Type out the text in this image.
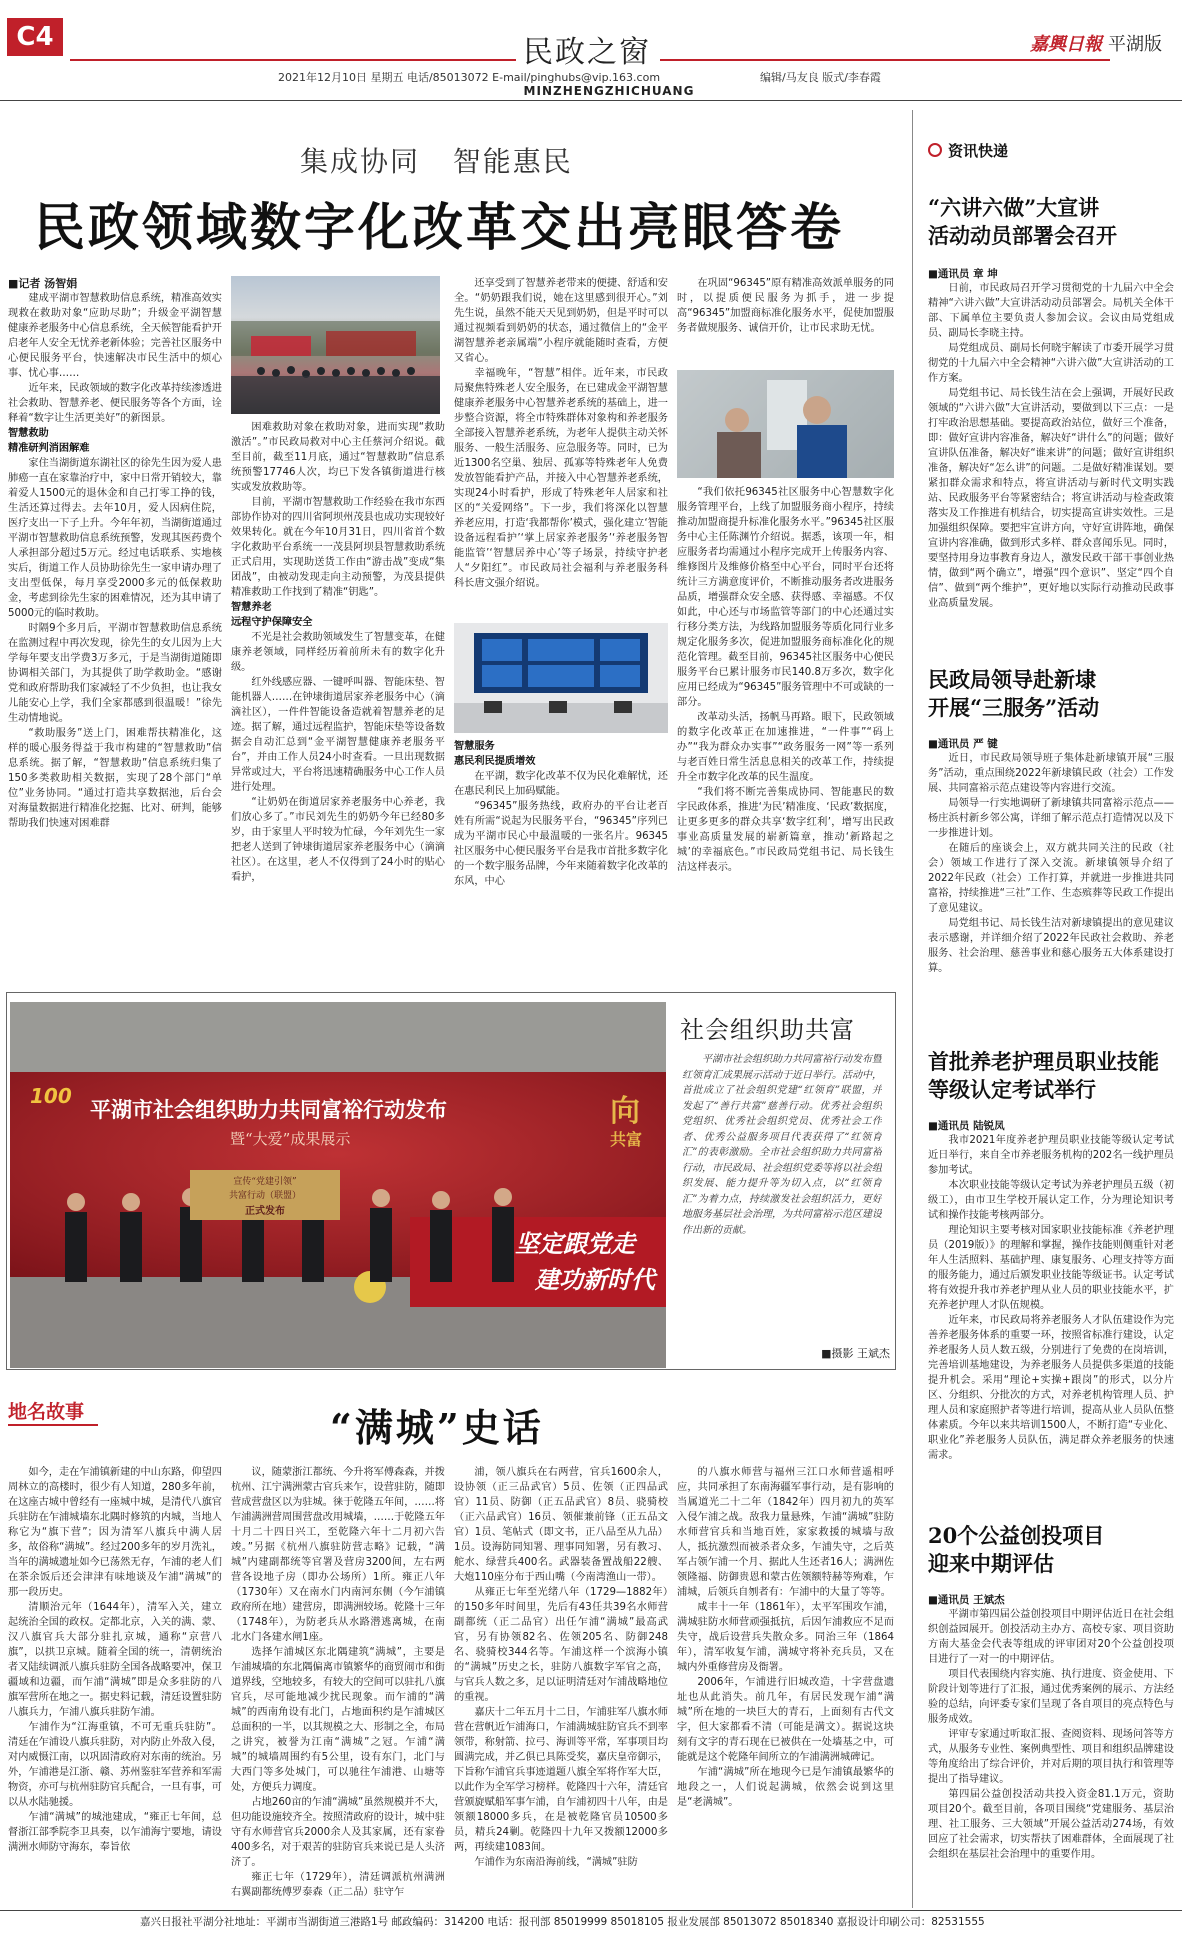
C4	民政之窗
2021年12月10日 星期五 电话/85013072 E-mail/pinghubs@vip.163.com	编辑/马友良 版式/李春霞
MINZHENGZHICHUANG
嘉興日報 平湖版
集成协同   智能惠民
民政领域数字化改革交出亮眼答卷
■记者 汤智娟

建成平湖市智慧救助信息系统，精准高效实现救在救助对象“应助尽助”；升级金平湖智慧健康养老服务中心信息系统，全天候智能看护开启老年人安全无忧养老新体验；完善社区服务中心便民服务平台，快速解决市民生活中的烦心事、忧心事……

近年来，民政领域的数字化改革持续渗透进社会救助、智慧养老、便民服务等各个方面，诠释着“数字让生活更美好”的新图景。

智慧救助

精准研判消困解难

家住当湖街道东湖社区的徐先生因为爱人患肺癌一直在家靠治疗中，家中日常开销较大，靠着爱人1500元的退休金和自己打零工挣的钱，生活还算过得去。去年10月，爱人因病住院，医疗支出一下子上升。今年年初，当湖街道通过平湖市智慧救助信息系统预警，发现其医药费个人承担部分超过5万元。经过电话联系、实地核实后，街道工作人员协助徐先生一家申请办理了支出型低保，每月享受2000多元的低保救助金，考虑到徐先生家的困难情况，还为其申请了5000元的临时救助。

时隔9个多月后，平湖市智慧救助信息系统在监测过程中再次发现，徐先生的女儿因为上大学每年要支出学费3万多元，于是当湖街道随即协调相关部门，为其提供了助学救助金。“感谢党和政府帮助我们家减轻了不少负担，也让我女儿能安心上学，我们全家都感到很温暖！”徐先生动情地说。

“救助服务”送上门，困难帮扶精准化，这样的暖心服务得益于我市构建的“智慧救助”信息系统。据了解，“智慧救助”信息系统归集了150多类救助相关数据，实现了28个部门“单位”业务协同。“通过打造共享数据池，后台会对海量数据进行精准化挖掘、比对、研判，能够帮助我们快速对困难群

困难救助对象在救助对象，进而实现“救助激活”。”市民政局救对中心主任蔡河介绍说。截至目前，截至11月底，通过“智慧救助”信息系统预警17746人次，均已下发各镇街道进行核实或发放救助等。

目前，平湖市智慧救助工作经验在我市东西部协作协对的四川省阿坝州茂县也成功实现较好效果转化。就在今年10月31日，四川省首个数字化救助平台系统一一茂县阿坝县智慧救助系统正式启用，实现助送货工作由“游击战”变成“集团战”，由被动发现走向主动预警，为茂县提供精准救助工作找到了精准“钥匙”。

智慧养老

远程守护保障安全

不光是社会救助领域发生了智慧变革，在健康养老领域，同样经历着前所未有的数字化升级。

红外线感应器、一键呼叫器、智能床垫、智能机器人……在钟埭街道居家养老服务中心（滴滴社区），一件件智能设备造就着智慧养老的足迹。据了解，通过远程监护，智能床垫等设备数据会自动汇总到“金平湖智慧健康养老服务平台”，并由工作人员24小时查看。一旦出现数据异常或过大，平台将迅速精确服务中心工作人员进行处理。

“让奶奶在街道居家养老服务中心养老，我们放心多了。”市民刘先生的奶奶今年已经80多岁，由于家里人平时较为忙碌，今年刘先生一家把老人送到了钟埭街道居家养老服务中心（滴滴社区）。在这里，老人不仅得到了24小时的贴心看护，

还享受到了智慧养老带来的便捷、舒适和安全。“奶奶跟我们说，她在这里感到很开心。”刘先生说，虽然不能天天见到奶奶，但是平时可以通过视频看到奶奶的状态，通过微信上的“金平湖智慧养老亲属端”小程序就能随时查看，方便又省心。

幸福晚年，“智慧”相伴。近年来，市民政局聚焦特殊老人安全服务，在已建成金平湖智慧健康养老服务中心智慧养老系统的基础上，进一步整合资源，将全市特殊群体对象构和养老服务全部接入智慧养老系统，为老年人提供主动关怀服务、一般生活服务、应急服务等。同时，已为近1300名空巢、独居、孤寡等特殊老年人免费发放智能看护产品，并接入中心智慧养老系统，实现24小时看护，形成了特殊老年人居家和社区的“关爱网络”。下一步，我们将深化以智慧养老应用，打造‘我都帮你’模式，强化建立‘智能设备远程看护’‘掌上居家养老服务’‘养老服务智能监管’‘智慧居养中心’等子场景，持续守护老人“夕阳红”。市民政局社会福利与养老服务科科长唐文强介绍说。

智慧服务

惠民利民提质增效

在平湖，数字化改革不仅为民化难解忧，还在惠民利民上加码赋能。

“96345”服务热线，政府办的平台让老百姓有所需“说起为民服务平台，“96345”序列已成为平湖市民心中最温暖的一张名片。96345社区服务中心便民服务平台是我市首批多数字化的一个数字服务品牌，今年来随着数字化改革的东风，中心

在巩固“96345”原有精准高效派单服务的同时，以提质便民服务为抓手，进一步提高“96345”加盟商标准化服务水平，促使加盟服务者做规服务、诚信开价，让市民求助无忧。

“我们依托96345社区服务中心智慧数字化服务管理平台，上线了加盟服务商小程序，持续推动加盟商提升标准化服务水平。”96345社区服务中心主任陈渊竹介绍说。据悉，该项一年，相应服务者均需通过小程序完成开上传服务内容、维修图片及维修价格至中心平台，同时平台还将统计三方满意度评价，不断推动服务者改进服务品质，增强群众安全感、获得感、幸福感。不仅如此，中心还与市场监管等部门的中心还通过实行移分类方法，为线路加盟服务等质化同行业多规定化服务多次，促进加盟服务商标准化化的规范化管理。截至目前，96345社区服务中心便民服务平台已累计服务市民140.8万多次，数字化应用已经成为“96345”服务管理中不可或缺的一部分。

改革动头活，扬帆马再路。眼下，民政领域的数字化改革正在加速推进，“一件事”“码上办”“我为群众办实事”“政务服务一网”等一系列与老百姓日常生活息息相关的改革工作，持续提升全市数字化改革的民生温度。

“我们将不断完善集成协同、智能惠民的数字民政体系，推进‘为民’精准度、‘民政’数据度，让更多更多的群众共享‘数字红利’，增写出民政事业高质量发展的崭新篇章，推动‘新路起之城’的幸福底色。”市民政局党组书记、局长钱生洁这样表示。

100
平湖市社会组织助力共同富裕行动发布
暨“大爱”成果展示
宣传“党建引领”
共富行动（联盟）
正式发布
向
共富
坚定跟党走
建功新时代
社会组织助共富
平湖市社会组织助力共同富裕行动发布暨红领育汇成果展示活动于近日举行。活动中，首批成立了社会组织党建“红领育”联盟，并发起了“善行共富”慈善行动。优秀社会组织党组织、优秀社会组织党员、优秀社会工作者、优秀公益服务项目代表获得了“红领育汇”的表彰激励。全市社会组织助力共同富裕行动，市民政局、社会组织党委等将以社会组织发展、能力提升等为切入点，以“红领育汇”为着力点，持续激发社会组织活力，更好地服务基层社会治理，为共同富裕示范区建设作出新的贡献。
■摄影 王斌杰
地名故事	“满城”史话

如今，走在乍浦镇新建的中山东路，仰望四周林立的高楼时，很少有人知道，280多年前，在这座古城中曾经有一座城中城，是清代八旗官兵驻防在乍浦城墙东北隅时修筑的内城，当地人称它为“旗下营”；因为清军八旗兵中满人居多，故俗称“满城”。经过200多年的岁月洗礼，当年的满城遗址如今已荡然无存，乍浦的老人们在茶余饭后还会津津有味地谈及乍浦“满城”的那一段历史。

清顺治元年（1644年），清军入关，建立起统治全国的政权。定都北京，入关的满、蒙、汉八旗官兵大部分驻扎京城，通称“京营八旗”，以拱卫京城。随着全国的统一，清朝统治者又陆续调派八旗兵驻防全国各战略要冲，保卫疆域和边疆，而乍浦“满城”即是众多驻防的八旗军营所在地之一。据史料记载，清廷设置驻防八旗兵力，乍浦八旗兵驻防乍浦。

乍浦作为“江海重镇，不可无重兵驻防”。清廷在乍浦设八旗兵驻防，对内防止外敌入侵，对内威慑江南，以巩固清政府对东南的统治。另外，乍浦港是江浙、赣、苏州鉴驻军营养和军需物资，亦可与杭州驻防官兵配合，一旦有事，可以从水陆驰援。

乍浦“满城”的城池建成，“雍正七年间，总督浙江部季院李卫具奏，以乍浦海宁要地，请设满洲水师防守海东，奉旨依

议，随蒙浙江都统、今升将军傅森森，并拨杭州、江宁满洲蒙古官兵来乍，设营驻防，随即营成营盘区以为驻城。徕于乾隆五年间，……将乍浦满洲营周围营盘改用城墙，……于乾隆五年十月二十四日兴工，至乾隆六年十二月初六告竣。”另据《杭州八旗驻防营志略》记载，“满城”内建副都统等官署及营房3200间，左右两营各设地子房（即办公场所）1所。雍正八年（1730年）又在南水门内南河东侧（今乍浦镇政府所在地）建营房，即满洲较场。乾隆十三年（1748年），为防老兵从水路潜逃离城，在南北水门各建水闸1座。

选择乍浦城区东北隅建筑“满城”，主要是乍浦城墙的东北隅偏离市镇繁华的商贸闹市和街道界线，空地较多，有较大的空间可以驻扎八旗官兵，尽可能地减少扰民现象。而乍浦的“满城”的西南角设有北门，占地面积约是乍浦城区总面积的一半，以其规模之大、形制之全，布局之讲究，被誉为江南“满城”之冠。乍浦“满城”的城墙周围约有5公里，设有东门，北门与大西门等多处城门，可以驰往乍浦港、山塘等处，方便兵力调度。

占地260亩的乍浦“满城”虽然规模并不大，但功能设施较齐全。按照清政府的设计，城中驻守有水师营官兵2000余人及其家属，还有家眷400多名，对于艰苦的驻防官兵来说已是人头济济了。

雍正七年（1729年），清廷调派杭州满洲右翼副都统傅罗泰森（正二品）驻守乍

浦，领八旗兵在右两营，官兵1600余人，设协领（正三品武官）5员、佐领（正四品武官）11员、防御（正五品武官）8员、骁骑校（正六品武官）16员、领催兼前锋（正五品文官）1员、笔帖式（即文书，正八品至从九品）1员。设海防同知署、理事同知署，另有教习、舵水、绿营兵400名。武器装备置战船22艘、大炮110座分布于西山嘴（今南湾渔山一带）。

从雍正七年至光绪八年（1729—1882年）的150多年时间里，先后有43任共39名水师营副都统（正二品官）出任乍浦“满城”最高武官，另有协领82名、佐领205名、防御248名、骁骑校344名等。乍浦这样一个滨海小镇的“满城”历史之长，驻防八旗数字军官之高，与官兵人数之多，足以证明清廷对乍浦战略地位的重视。

嘉庆十二年五月十二日，乍浦驻军八旗水师营在营帆近乍浦海口，乍浦满城驻防官兵不到率领带，称射箭、拉弓、海训等平常，军事项目均圆满完成，并乙俱已具陈受奖，嘉庆皇帝御示，下旨称乍浦官兵事迹道题八旗全军将作军大臣，以此作为全军学习榜样。乾隆四十六年，清廷官营颁旋赋船军事乍浦，自乍浦初四十八年，由是领额18000多兵，在是被乾隆官员10500多员，精兵24剿。乾隆四十九年又拨额12000多两，再续建1083间。

乍浦作为东南沿海前线，“满城”驻防

的八旗水师营与福州三江口水师营遥相呼应，共同承担了东南海疆军事行动，是有影响的当属道光二十二年（1842年）四月初九的英军入侵乍浦之战。敌我力量悬殊，乍浦“满城”驻防水师营官兵和当地百姓，家家救援的城墙与敌人，抵抗激烈而被杀者众多，乍浦失守，之后英军占领乍浦一个月、据此人生还者16人；满洲佐领隆福、防御贵恩和蒙古佐领额特赫等殉难，乍浦城，后领兵自刎者有：乍浦中的大量了等等。

咸丰十一年（1861年），太平军围攻乍浦，满城驻防水师营顽强抵抗，后因乍浦救应不足而失守，战后设营兵失散众多。同治三年（1864年），清军收复乍浦，满城守将补充兵员，又在城内外重修营房及衙署。

2006年，乍浦进行旧城改造，十字营盘遗址也从此消失。前几年，有居民发现乍浦“满城”所在地的一块巨大的青石，上面刻有古代文字，但大家都看不清（可能是满文）。据说这块刻有文字的青石现在已被供在一处墙基之中，可能就是这个乾隆年间所立的乍浦满洲城碑记。

乍浦“满城”所在地现今已是乍浦镇最繁华的地段之一，人们说起满城，依然会说到这里是“老满城”。

资讯快递
“六讲六做”大宣讲
活动动员部署会召开
■通讯员 章 坤

日前，市民政局召开学习贯彻党的十九届六中全会精神“六讲六做”大宣讲活动动员部署会。局机关全体干部、下属单位主要负责人参加会议。会议由局党组成员、副局长李晓主持。

局党组成员、副局长何晓宇解读了市委开展学习贯彻党的十九届六中全会精神“六讲六做”大宣讲活动的工作方案。

局党组书记、局长钱生洁在会上强调，开展好民政领域的“六讲六做”大宣讲活动，要做到以下三点：一是打牢政治思想基础。要提高政治站位，做好三个准备，即：做好宣讲内容准备，解决好“讲什么”的问题；做好宣讲队伍准备，解决好“谁来讲”的问题；做好宣讲组织准备，解决好“怎么讲”的问题。二是做好精准谋划。要紧扣群众需求和特点，将宣讲活动与新时代文明实践站、民政服务平台等紧密结合；将宣讲活动与检查政策落实及工作推进有机结合，切实提高宣讲实效性。三是加强组织保障。要把牢宣讲方向，守好宣讲阵地，确保宣讲内容准确，做到形式多样、群众喜闻乐见。同时，要坚持用身边事教育身边人，激发民政干部干事创业热情，做到“两个确立”，增强“四个意识”、坚定“四个自信”、做到“两个维护”，更好地以实际行动推动民政事业高质量发展。

民政局领导赴新埭
开展“三服务”活动
■通讯员 严 键

近日，市民政局领导班子集体赴新埭镇开展“三服务”活动，重点围绕2022年新埭镇民政（社会）工作发展、共同富裕示范点建设等内容进行交流。

局领导一行实地调研了新埭镇共同富裕示范点——杨庄浜村新乡邻公寓，详细了解示范点打造情况以及下一步推进计划。

在随后的座谈会上，双方就共同关注的民政（社会）领域工作进行了深入交流。新埭镇领导介绍了2022年民政（社会）工作打算，并就进一步推进共同富裕，持续推进“三社”工作、生态殡葬等民政工作提出了意见建议。

局党组书记、局长钱生洁对新埭镇提出的意见建议表示感谢，并详细介绍了2022年民政社会救助、养老服务、社会治理、慈善事业和慈心服务五大体系建设打算。

首批养老护理员职业技能
等级认定考试举行
■通讯员 陆锐凤

我市2021年度养老护理员职业技能等级认定考试近日举行，来自全市养老服务机构的202名一线护理员参加考试。

本次职业技能等级认定考试为养老护理员五级（初级工），由市卫生学校开展认定工作，分为理论知识考试和操作技能考核两部分。

理论知识主要考核对国家职业技能标准《养老护理员（2019版）》的理解和掌握，操作技能则侧重针对老年人生活照料、基础护理、康复服务、心理支持等方面的服务能力，通过后颁发职业技能等级证书。认定考试将有效提升我市养老护理从业人员的职业技能水平，扩充养老护理人才队伍规模。

近年来，市民政局将养老服务人才队伍建设作为完善养老服务体系的重要一环，按照省标准行建设，认定养老服务人员人数五级，分别进行了免费的在岗培训，完善培训基地建设，为养老服务人员提供多渠道的技能提升机会。采用“理论+实操+跟岗”的形式，以分片区、分组织、分批次的方式，对养老机构管理人员、护理人员和家庭照护者等进行培训，提高从业人员队伍整体素质。今年以来共培训1500人，不断打造“专业化、职业化”养老服务人员队伍，满足群众养老服务的快速需求。

20个公益创投项目
迎来中期评估
■通讯员 王斌杰

平湖市第四届公益创投项目中期评估近日在社会组织创益园展开。创投活动主办方、高校专家、项目资助方南大基金会代表等组成的评审团对20个公益创投项目进行了一对一的中期评估。

项目代表围绕内容实施、执行进度、资金使用、下阶段计划等进行了汇报，通过优秀案例的展示、方法经验的总结，向评委专家们呈现了各自项目的亮点特色与服务成效。

评审专家通过听取汇报、查阅资料、现场问答等方式，从服务专业性、案例典型性、项目和组织品牌建设等角度给出了综合评价，并对后期的项目执行和管理等提出了指导建议。

第四届公益创投活动共投入资金81.1万元，资助项目20个。截至目前，各项目围绕“党建服务、基层治理、社工服务、三大领域”开展公益活动274场，有效回应了社会需求，切实帮扶了困难群体，全面展现了社会组织在基层社会治理中的重要作用。

嘉兴日报社平湖分社地址：平湖市当湖街道三港路1号 邮政编码：314200 电话：报刊部 85019999 85018105 报业发展部 85013072 85018340 嘉报设计印刷公司：82531555
